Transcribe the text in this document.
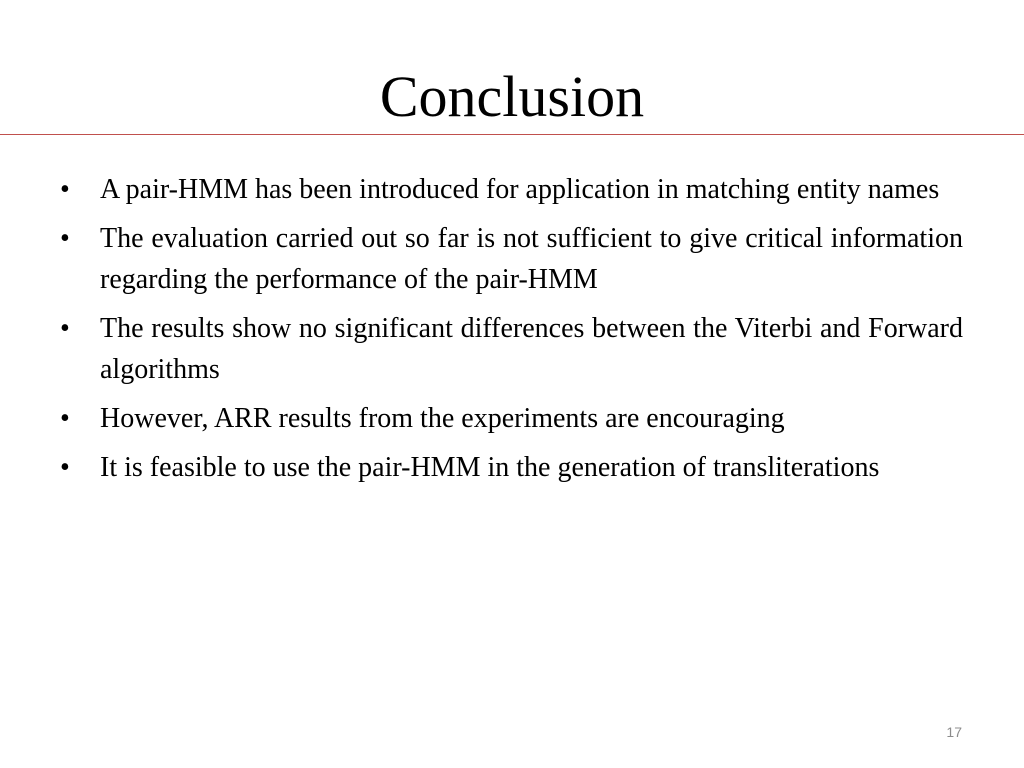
Conclusion
•	A pair-HMM has been introduced for application in matching entity names
•	The evaluation carried out so far is not sufficient to give critical information regarding the performance of the pair-HMM
•	The results show no significant differences between the Viterbi and Forward algorithms
•	However, ARR results from the experiments are encouraging
•	It is feasible to use the pair-HMM in the generation of transliterations
17
